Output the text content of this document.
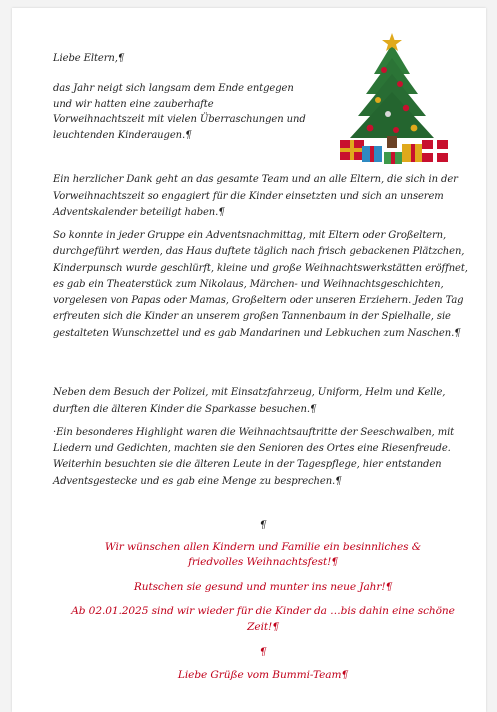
Liebe Eltern,¶

das Jahr neigt sich langsam dem Ende entgegen und wir hatten eine zauberhafte Vorweihnachtszeit mit vielen Überraschungen und leuchtenden Kinderaugen.¶

Ein herzlicher Dank geht an das gesamte Team und an alle Eltern, die sich in der Vorweihnachtszeit so engagiert für die Kinder einsetzten und sich an unserem Adventskalender beteiligt haben.¶

So konnte in jeder Gruppe ein Adventsnachmittag, mit Eltern oder Großeltern, durchgeführt werden, das Haus duftete täglich nach frisch gebackenen Plätzchen, Kinderpunsch wurde geschlürft, kleine und große Weihnachtswerkstätten eröffnet, es gab ein Theaterstück zum Nikolaus, Märchen- und Weihnachtsgeschichten, vorgelesen von Papas oder Mamas, Großeltern oder unseren Erziehern. Jeden Tag erfreuten sich die Kinder an unserem großen Tannenbaum in der Spielhalle, sie gestalteten Wunschzettel und es gab Mandarinen und Lebkuchen zum Naschen.¶

Neben dem Besuch der Polizei, mit Einsatzfahrzeug, Uniform, Helm und Kelle, durften die älteren Kinder die Sparkasse besuchen.¶

·Ein besonderes Highlight waren die Weihnachtsauftritte der Seeschwalben, mit Liedern und Gedichten, machten sie den Senioren des Ortes eine Riesenfreude. Weiterhin besuchten sie die älteren Leute in der Tagespflege, hier entstanden Adventsgestecke und es gab eine Menge zu besprechen.¶

¶

Wir wünschen allen Kindern und Familie ein besinnliches & friedvolles Weihnachtsfest!¶

Rutschen sie gesund und munter ins neue Jahr!¶

Ab 02.01.2025 sind wir wieder für die Kinder da …bis dahin eine schöne Zeit!¶

¶

Liebe Grüße vom Bummi-Team¶
